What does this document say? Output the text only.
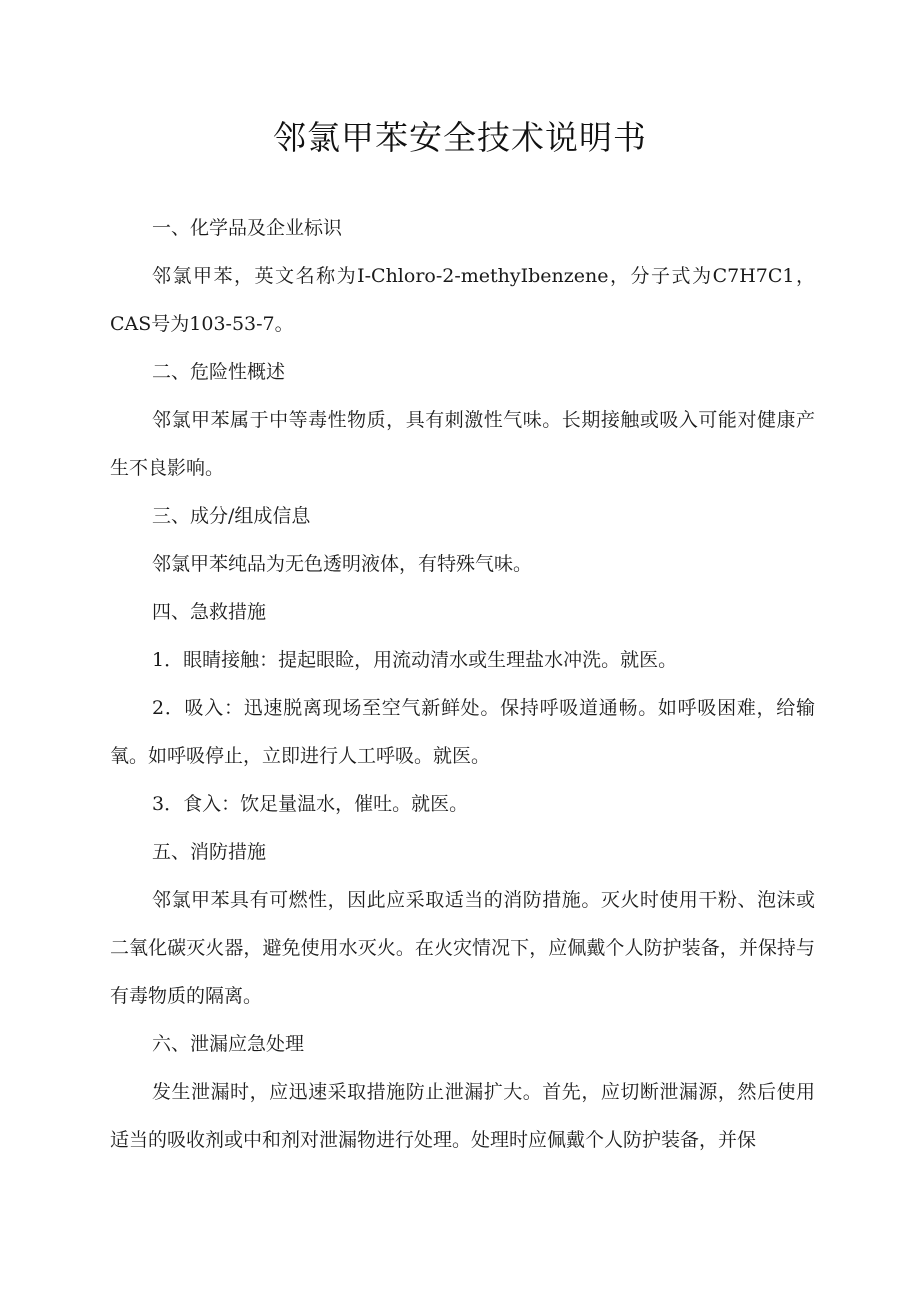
邻氯甲苯安全技术说明书

一、化学品及企业标识

邻氯甲苯，英文名称为I-Chloro-2-methyIbenzene，分子式为C7H7C1，CAS号为103-53-7。

二、危险性概述

邻氯甲苯属于中等毒性物质，具有刺激性气味。长期接触或吸入可能对健康产生不良影响。

三、成分/组成信息

邻氯甲苯纯品为无色透明液体，有特殊气味。

四、急救措施

1．眼睛接触：提起眼睑，用流动清水或生理盐水冲洗。就医。

2．吸入：迅速脱离现场至空气新鲜处。保持呼吸道通畅。如呼吸困难，给输氧。如呼吸停止，立即进行人工呼吸。就医。

3．食入：饮足量温水，催吐。就医。

五、消防措施

邻氯甲苯具有可燃性，因此应采取适当的消防措施。灭火时使用干粉、泡沫或二氧化碳灭火器，避免使用水灭火。在火灾情况下，应佩戴个人防护装备，并保持与有毒物质的隔离。

六、泄漏应急处理

发生泄漏时，应迅速采取措施防止泄漏扩大。首先，应切断泄漏源，然后使用适当的吸收剂或中和剂对泄漏物进行处理。处理时应佩戴个人防护装备，并保
